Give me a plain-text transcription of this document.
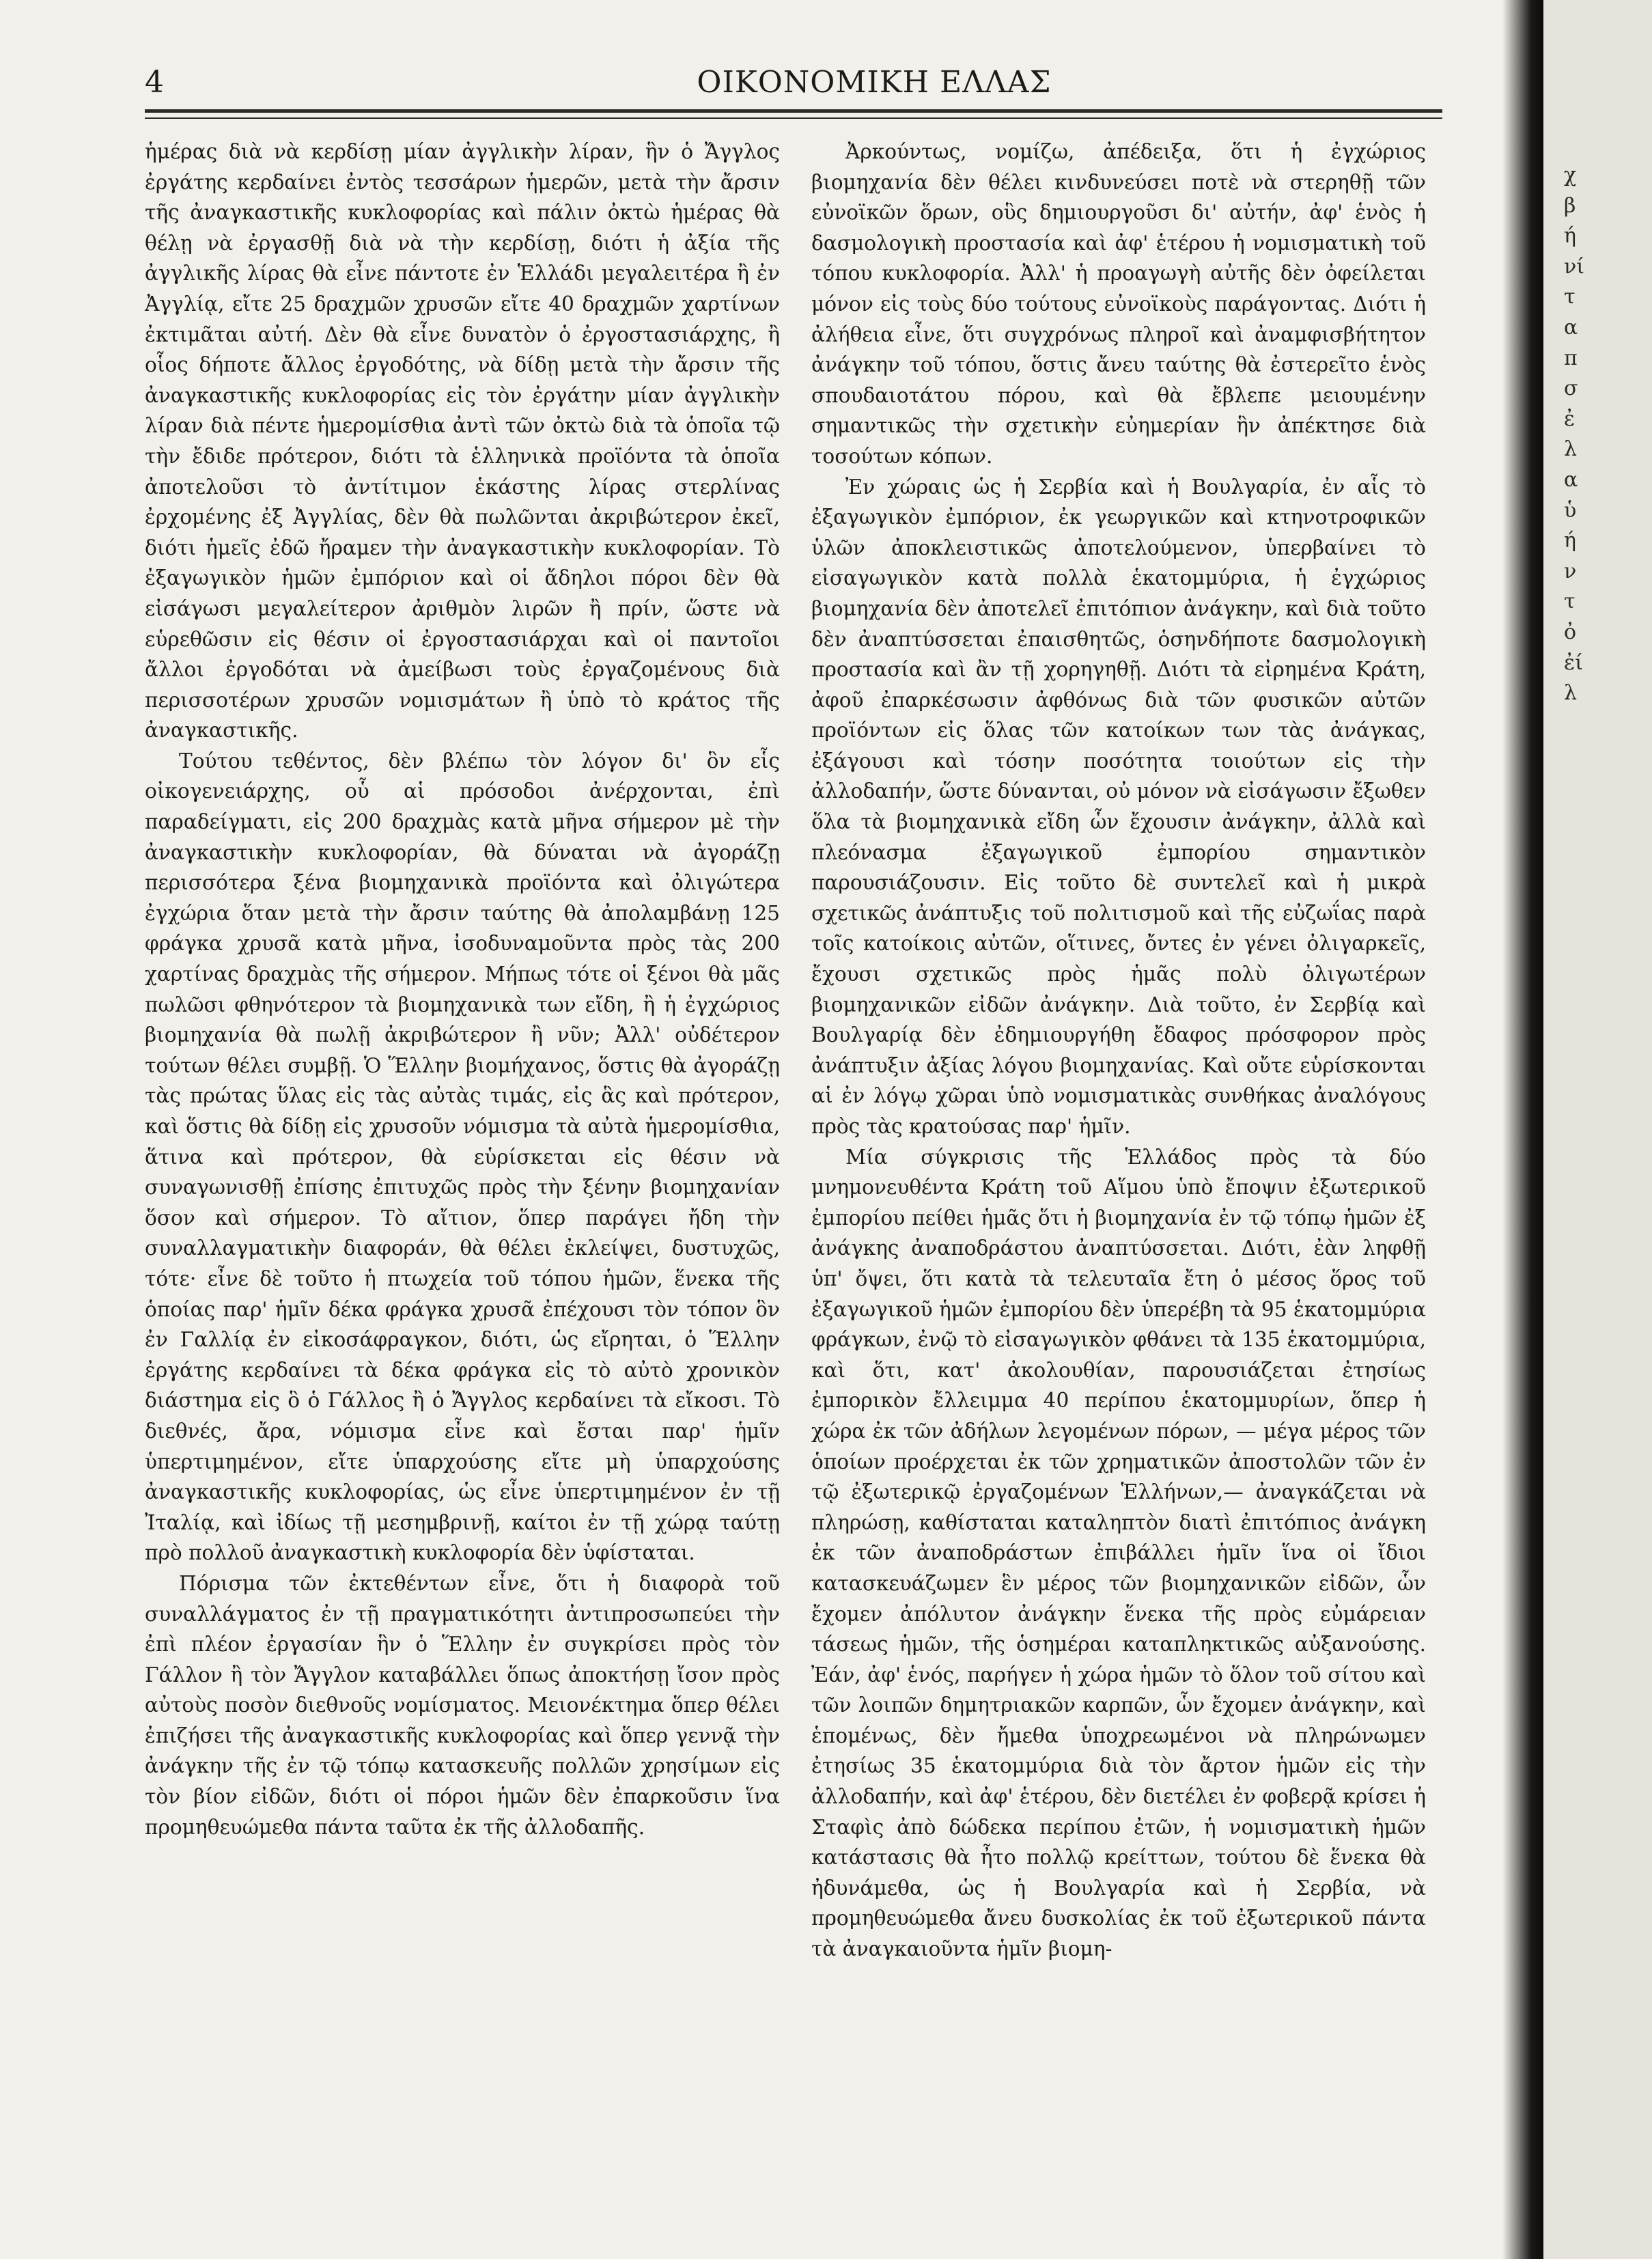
4	ΟΙΚΟΝΟΜΙΚΗ ΕΛΛΑΣ

ἡμέρας διὰ νὰ κερδίσῃ μίαν ἀγγλικὴν λίραν, ἣν ὁ Ἄγγλος ἐργάτης κερδαίνει ἐντὸς τεσσάρων ἡμερῶν, μετὰ τὴν ἄρσιν τῆς ἀναγκαστικῆς κυκλοφορίας καὶ πάλιν ὀκτὼ ἡμέρας θὰ θέλῃ νὰ ἐργασθῇ διὰ νὰ τὴν κερδίσῃ, διότι ἡ ἀξία τῆς ἀγγλικῆς λίρας θὰ εἶνε πάντοτε ἐν Ἑλλάδι μεγαλειτέρα ἢ ἐν Ἀγγλίᾳ, εἴτε 25 δραχμῶν χρυσῶν εἴτε 40 δραχμῶν χαρτίνων ἐκτιμᾶται αὐτή. Δὲν θὰ εἶνε δυνατὸν ὁ ἐργοστασιάρχης, ἢ οἷος δήποτε ἄλλος ἐργοδότης, νὰ δίδῃ μετὰ τὴν ἄρσιν τῆς ἀναγκαστικῆς κυκλοφορίας εἰς τὸν ἐργάτην μίαν ἀγγλικὴν λίραν διὰ πέντε ἡμερομίσθια ἀντὶ τῶν ὀκτὼ διὰ τὰ ὁποῖα τῷ τὴν ἔδιδε πρότερον, διότι τὰ ἑλληνικὰ προϊόντα τὰ ὁποῖα ἀποτελοῦσι τὸ ἀντίτιμον ἑκάστης λίρας στερλίνας ἐρχομένης ἐξ Ἀγγλίας, δὲν θὰ πωλῶνται ἀκριβώτερον ἐκεῖ, διότι ἡμεῖς ἐδῶ ἤραμεν τὴν ἀναγκαστικὴν κυκλοφορίαν. Τὸ ἐξαγωγικὸν ἡμῶν ἐμπόριον καὶ οἱ ἄδηλοι πόροι δὲν θὰ εἰσάγωσι μεγαλείτερον ἀριθμὸν λιρῶν ἢ πρίν, ὥστε νὰ εὑρεθῶσιν εἰς θέσιν οἱ ἐργοστασιάρχαι καὶ οἱ παντοῖοι ἄλλοι ἐργοδόται νὰ ἀμείβωσι τοὺς ἐργαζομένους διὰ περισσοτέρων χρυσῶν νομισμάτων ἢ ὑπὸ τὸ κράτος τῆς ἀναγκαστικῆς.

Τούτου τεθέντος, δὲν βλέπω τὸν λόγον δι' ὃν εἷς οἰκογενειάρχης, οὗ αἱ πρόσοδοι ἀνέρχονται, ἐπὶ παραδείγματι, εἰς 200 δραχμὰς κατὰ μῆνα σήμερον μὲ τὴν ἀναγκαστικὴν κυκλοφορίαν, θὰ δύναται νὰ ἀγοράζῃ περισσότερα ξένα βιομηχανικὰ προϊόντα καὶ ὀλιγώτερα ἐγχώρια ὅταν μετὰ τὴν ἄρσιν ταύτης θὰ ἀπολαμβάνῃ 125 φράγκα χρυσᾶ κατὰ μῆνα, ἰσοδυναμοῦντα πρὸς τὰς 200 χαρτίνας δραχμὰς τῆς σήμερον. Μήπως τότε οἱ ξένοι θὰ μᾶς πωλῶσι φθηνότερον τὰ βιομηχανικὰ των εἴδη, ἢ ἡ ἐγχώριος βιομηχανία θὰ πωλῇ ἀκριβώτερον ἢ νῦν; Ἀλλ' οὐδέτερον τούτων θέλει συμβῇ. Ὁ Ἕλλην βιομήχανος, ὅστις θὰ ἀγοράζῃ τὰς πρώτας ὕλας εἰς τὰς αὐτὰς τιμάς, εἰς ἃς καὶ πρότερον, καὶ ὅστις θὰ δίδῃ εἰς χρυσοῦν νόμισμα τὰ αὐτὰ ἡμερομίσθια, ἅτινα καὶ πρότερον, θὰ εὑρίσκεται εἰς θέσιν νὰ συναγωνισθῇ ἐπίσης ἐπιτυχῶς πρὸς τὴν ξένην βιομηχανίαν ὅσον καὶ σήμερον. Τὸ αἴτιον, ὅπερ παράγει ἤδη τὴν συναλλαγματικὴν διαφοράν, θὰ θέλει ἐκλείψει, δυστυχῶς, τότε· εἶνε δὲ τοῦτο ἡ πτωχεία τοῦ τόπου ἡμῶν, ἕνεκα τῆς ὁποίας παρ' ἡμῖν δέκα φράγκα χρυσᾶ ἐπέχουσι τὸν τόπον ὃν ἐν Γαλλίᾳ ἐν εἰκοσάφραγκον, διότι, ὡς εἴρηται, ὁ Ἕλλην ἐργάτης κερδαίνει τὰ δέκα φράγκα εἰς τὸ αὐτὸ χρονικὸν διάστημα εἰς ὃ ὁ Γάλλος ἢ ὁ Ἄγγλος κερδαίνει τὰ εἴκοσι. Τὸ διεθνές, ἄρα, νόμισμα εἶνε καὶ ἔσται παρ' ἡμῖν ὑπερτιμημένον, εἴτε ὑπαρχούσης εἴτε μὴ ὑπαρχούσης ἀναγκαστικῆς κυκλοφορίας, ὡς εἶνε ὑπερτιμημένον ἐν τῇ Ἰταλίᾳ, καὶ ἰδίως τῇ μεσημβρινῇ, καίτοι ἐν τῇ χώρᾳ ταύτῃ πρὸ πολλοῦ ἀναγκαστικὴ κυκλοφορία δὲν ὑφίσταται.

Πόρισμα τῶν ἐκτεθέντων εἶνε, ὅτι ἡ διαφορὰ τοῦ συναλλάγματος ἐν τῇ πραγματικότητι ἀντιπροσωπεύει τὴν ἐπὶ πλέον ἐργασίαν ἣν ὁ Ἕλλην ἐν συγκρίσει πρὸς τὸν Γάλλον ἢ τὸν Ἄγγλον καταβάλλει ὅπως ἀποκτήσῃ ἴσον πρὸς αὐτοὺς ποσὸν διεθνοῦς νομίσματος. Μειονέκτημα ὅπερ θέλει ἐπιζήσει τῆς ἀναγκαστικῆς κυκλοφορίας καὶ ὅπερ γεννᾷ τὴν ἀνάγκην τῆς ἐν τῷ τόπῳ κατασκευῆς πολλῶν χρησίμων εἰς τὸν βίον εἰδῶν, διότι οἱ πόροι ἡμῶν δὲν ἐπαρκοῦσιν ἵνα προμηθευώμεθα πάντα ταῦτα ἐκ τῆς ἀλλοδαπῆς.

Ἀρκούντως, νομίζω, ἀπέδειξα, ὅτι ἡ ἐγχώριος βιομηχανία δὲν θέλει κινδυνεύσει ποτὲ νὰ στερηθῇ τῶν εὐνοϊκῶν ὅρων, οὓς δημιουργοῦσι δι' αὐτήν, ἀφ' ἑνὸς ἡ δασμολογικὴ προστασία καὶ ἀφ' ἑτέρου ἡ νομισματικὴ τοῦ τόπου κυκλοφορία. Ἀλλ' ἡ προαγωγὴ αὐτῆς δὲν ὀφείλεται μόνον εἰς τοὺς δύο τούτους εὐνοϊκοὺς παράγοντας. Διότι ἡ ἀλήθεια εἶνε, ὅτι συγχρόνως πληροῖ καὶ ἀναμφισβήτητον ἀνάγκην τοῦ τόπου, ὅστις ἄνευ ταύτης θὰ ἐστερεῖτο ἑνὸς σπουδαιοτάτου πόρου, καὶ θὰ ἔβλεπε μειουμένην σημαντικῶς τὴν σχετικὴν εὐημερίαν ἣν ἀπέκτησε διὰ τοσούτων κόπων.

Ἐν χώραις ὡς ἡ Σερβία καὶ ἡ Βουλγαρία, ἐν αἷς τὸ ἐξαγωγικὸν ἐμπόριον, ἐκ γεωργικῶν καὶ κτηνοτροφικῶν ὑλῶν ἀποκλειστικῶς ἀποτελούμενον, ὑπερβαίνει τὸ εἰσαγωγικὸν κατὰ πολλὰ ἑκατομμύρια, ἡ ἐγχώριος βιομηχανία δὲν ἀποτελεῖ ἐπιτόπιον ἀνάγκην, καὶ διὰ τοῦτο δὲν ἀναπτύσσεται ἐπαισθητῶς, ὁσηνδήποτε δασμολογικὴ προστασία καὶ ἂν τῇ χορηγηθῇ. Διότι τὰ εἰρημένα Κράτη, ἀφοῦ ἐπαρκέσωσιν ἀφθόνως διὰ τῶν φυσικῶν αὐτῶν προϊόντων εἰς ὅλας τῶν κατοίκων των τὰς ἀνάγκας, ἐξάγουσι καὶ τόσην ποσότητα τοιούτων εἰς τὴν ἀλλοδαπήν, ὥστε δύνανται, οὐ μόνον νὰ εἰσάγωσιν ἔξωθεν ὅλα τὰ βιομηχανικὰ εἴδη ὧν ἔχουσιν ἀνάγκην, ἀλλὰ καὶ πλεόνασμα ἐξαγωγικοῦ ἐμπορίου σημαντικὸν παρουσιάζουσιν. Εἰς τοῦτο δὲ συντελεῖ καὶ ἡ μικρὰ σχετικῶς ἀνάπτυξις τοῦ πολιτισμοῦ καὶ τῆς εὐζωΐας παρὰ τοῖς κατοίκοις αὐτῶν, οἵτινες, ὄντες ἐν γένει ὀλιγαρκεῖς, ἔχουσι σχετικῶς πρὸς ἡμᾶς πολὺ ὀλιγωτέρων βιομηχανικῶν εἰδῶν ἀνάγκην. Διὰ τοῦτο, ἐν Σερβίᾳ καὶ Βουλγαρίᾳ δὲν ἐδημιουργήθη ἔδαφος πρόσφορον πρὸς ἀνάπτυξιν ἀξίας λόγου βιομηχανίας. Καὶ οὔτε εὑρίσκονται αἱ ἐν λόγῳ χῶραι ὑπὸ νομισματικὰς συνθήκας ἀναλόγους πρὸς τὰς κρατούσας παρ' ἡμῖν.

Μία σύγκρισις τῆς Ἑλλάδος πρὸς τὰ δύο μνημονευθέντα Κράτη τοῦ Αἵμου ὑπὸ ἔποψιν ἐξωτερικοῦ ἐμπορίου πείθει ἡμᾶς ὅτι ἡ βιομηχανία ἐν τῷ τόπῳ ἡμῶν ἐξ ἀνάγκης ἀναποδράστου ἀναπτύσσεται. Διότι, ἐὰν ληφθῇ ὑπ' ὄψει, ὅτι κατὰ τὰ τελευταῖα ἔτη ὁ μέσος ὅρος τοῦ ἐξαγωγικοῦ ἡμῶν ἐμπορίου δὲν ὑπερέβη τὰ 95 ἑκατομμύρια φράγκων, ἐνῷ τὸ εἰσαγωγικὸν φθάνει τὰ 135 ἑκατομμύρια, καὶ ὅτι, κατ' ἀκολουθίαν, παρουσιάζεται ἐτησίως ἐμπορικὸν ἔλλειμμα 40 περίπου ἑκατομμυρίων, ὅπερ ἡ χώρα ἐκ τῶν ἀδήλων λεγομένων πόρων, — μέγα μέρος τῶν ὁποίων προέρχεται ἐκ τῶν χρηματικῶν ἀποστολῶν τῶν ἐν τῷ ἐξωτερικῷ ἐργαζομένων Ἑλλήνων,— ἀναγκάζεται νὰ πληρώσῃ, καθίσταται καταληπτὸν διατὶ ἐπιτόπιος ἀνάγκη ἐκ τῶν ἀναποδράστων ἐπιβάλλει ἡμῖν ἵνα οἱ ἴδιοι κατασκευάζωμεν ἓν μέρος τῶν βιομηχανικῶν εἰδῶν, ὧν ἔχομεν ἀπόλυτον ἀνάγκην ἕνεκα τῆς πρὸς εὐμάρειαν τάσεως ἡμῶν, τῆς ὁσημέραι καταπληκτικῶς αὐξανούσης. Ἐάν, ἀφ' ἑνός, παρήγεν ἡ χώρα ἡμῶν τὸ ὅλον τοῦ σίτου καὶ τῶν λοιπῶν δημητριακῶν καρπῶν, ὧν ἔχομεν ἀνάγκην, καὶ ἑπομένως, δὲν ἤμεθα ὑποχρεωμένοι νὰ πληρώνωμεν ἐτησίως 35 ἑκατομμύρια διὰ τὸν ἄρτον ἡμῶν εἰς τὴν ἀλλοδαπήν, καὶ ἀφ' ἑτέρου, δὲν διετέλει ἐν φοβερᾷ κρίσει ἡ Σταφὶς ἀπὸ δώδεκα περίπου ἐτῶν, ἡ νομισματικὴ ἡμῶν κατάστασις θὰ ἦτο πολλῷ κρείττων, τούτου δὲ ἕνεκα θὰ ἠδυνάμεθα, ὡς ἡ Βουλγαρία καὶ ἡ Σερβία, νὰ προμηθευώμεθα ἄνευ δυσκολίας ἐκ τοῦ ἐξωτερικοῦ πάντα τὰ ἀναγκαιοῦντα ἡμῖν βιομη-

χ
β
ή
νί
τ
α
π
σ
ἐ
λ
α
ὑ
ή
ν
τ
ὀ
ἐί
λ
